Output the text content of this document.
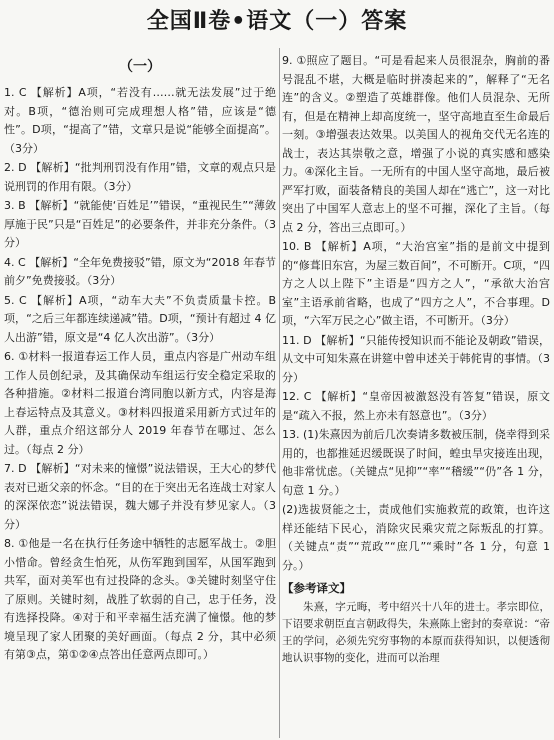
全国Ⅱ卷•语文（一）答案
（一）
1. C 【解析】A项，“若没有……就无法发展”过于绝对。B项，“德治则可完成理想人格”错，应该是“德性”。D项，“提高了”错，文章只是说“能够全面提高”。（3分）
2. D 【解析】“批判刑罚没有作用”错，文章的观点只是说刑罚的作用有限。（3分）
3. B 【解析】“就能使‘百姓足’”错误，“重视民生”“薄敛厚施于民”只是“百姓足”的必要条件，并非充分条件。（3分）
4. C 【解析】“全年免费接驳”错，原文为“2018 年春节前夕”免费接驳。（3分）
5. C 【解析】A项，“动车大夫”不负责质量卡控。B项，“之后三年都连续递减”错。D项，“预计有超过 4 亿人出游”错，原文是“4 亿人次出游”。（3分）
6. ①材料一报道春运工作人员，重点内容是广州动车组工作人员创纪录，及其确保动车组运行安全稳定采取的各种措施。②材料二报道台湾同胞以新方式，内容是海上春运特点及其意义。③材料四报道采用新方式过年的人群，重点介绍这部分人 2019 年春节在哪过、怎么过。（每点 2 分）
7. D 【解析】“对未来的憧憬”说法错误，王大心的梦代表对已逝父亲的怀念。“目的在于突出无名连战士对家人的深深依恋”说法错误，魏大娜子并没有梦见家人。（3分）
8. ①他是一名在执行任务途中牺牲的志愿军战士。②胆小惜命。曾经贪生怕死，从伤军跑到国军，从国军跑到共军，面对美军也有过投降的念头。③关键时刻坚守住了原则。关键时刻，战胜了软弱的自己，忠于任务，没有选择投降。④对于和平幸福生活充满了憧憬。他的梦境呈现了家人团聚的美好画面。（每点 2 分，其中必须有第③点，第①②④点答出任意两点即可。）
9. ①照应了题目。“可是看起来人员很混杂，胸前的番号混乱不堪，大概是临时拼凑起来的”，解释了“无名连”的含义。②塑造了英雄群像。他们人员混杂、无所有，但是在精神上却高度统一，坚守高地直至生命最后一刻。③增强表达效果。以美国人的视角交代无名连的战士，表达其崇敬之意，增强了小说的真实感和感染力。④深化主旨。一无所有的中国人坚守高地，最后被严军打败，面装备精良的美国人却在“逃亡”，这一对比突出了中国军人意志上的坚不可摧，深化了主旨。（每点 2 分，答出三点即可。）
10. B 【解析】A项，“大治宫室”指的是前文中提到的“修葺旧东宫，为屋三数百间”，不可断开。C项，“四方之人以上陛下”主语是“四方之人”，“承欲大治宫室”主语承前省略，也成了“四方之人”，不合事理。D项，“六军万民之心”做主语，不可断开。（3分）
11. D 【解析】“只能传授知识而不能论及朝政”错误，从文中可知朱熹在讲筵中曾申述关于韩侂胄的事情。（3分）
12. C 【解析】“皇帝因被激怒没有答复”错误，原文是“疏入不报，然上亦未有怒意也”。（3分）
13. (1)朱熹因为前后几次奏请多数被压制，侥幸得到采用的，也都推延迟缓既误了时间，蝗虫旱灾接连出现，他非常忧虑。（关键点“见抑”“率”“稽缓”“仍”各 1 分，句意 1 分。）
(2)选拔贤能之士，责成他们实施救荒的政策，也许这样还能结下民心，消除灾民乘灾荒之际叛乱的打算。（关键点“责”“荒政”“庶几”“乘时”各 1 分，句意 1 分。）
【参考译文】
朱熹，字元晦，考中绍兴十八年的进士。孝宗即位，下诏要求朝臣直言朝政得失，朱熹陈上密封的奏章说：“帝王的学问，必须先究穷事物的本原而获得知识，以便透彻地认识事物的变化，进而可以治理
